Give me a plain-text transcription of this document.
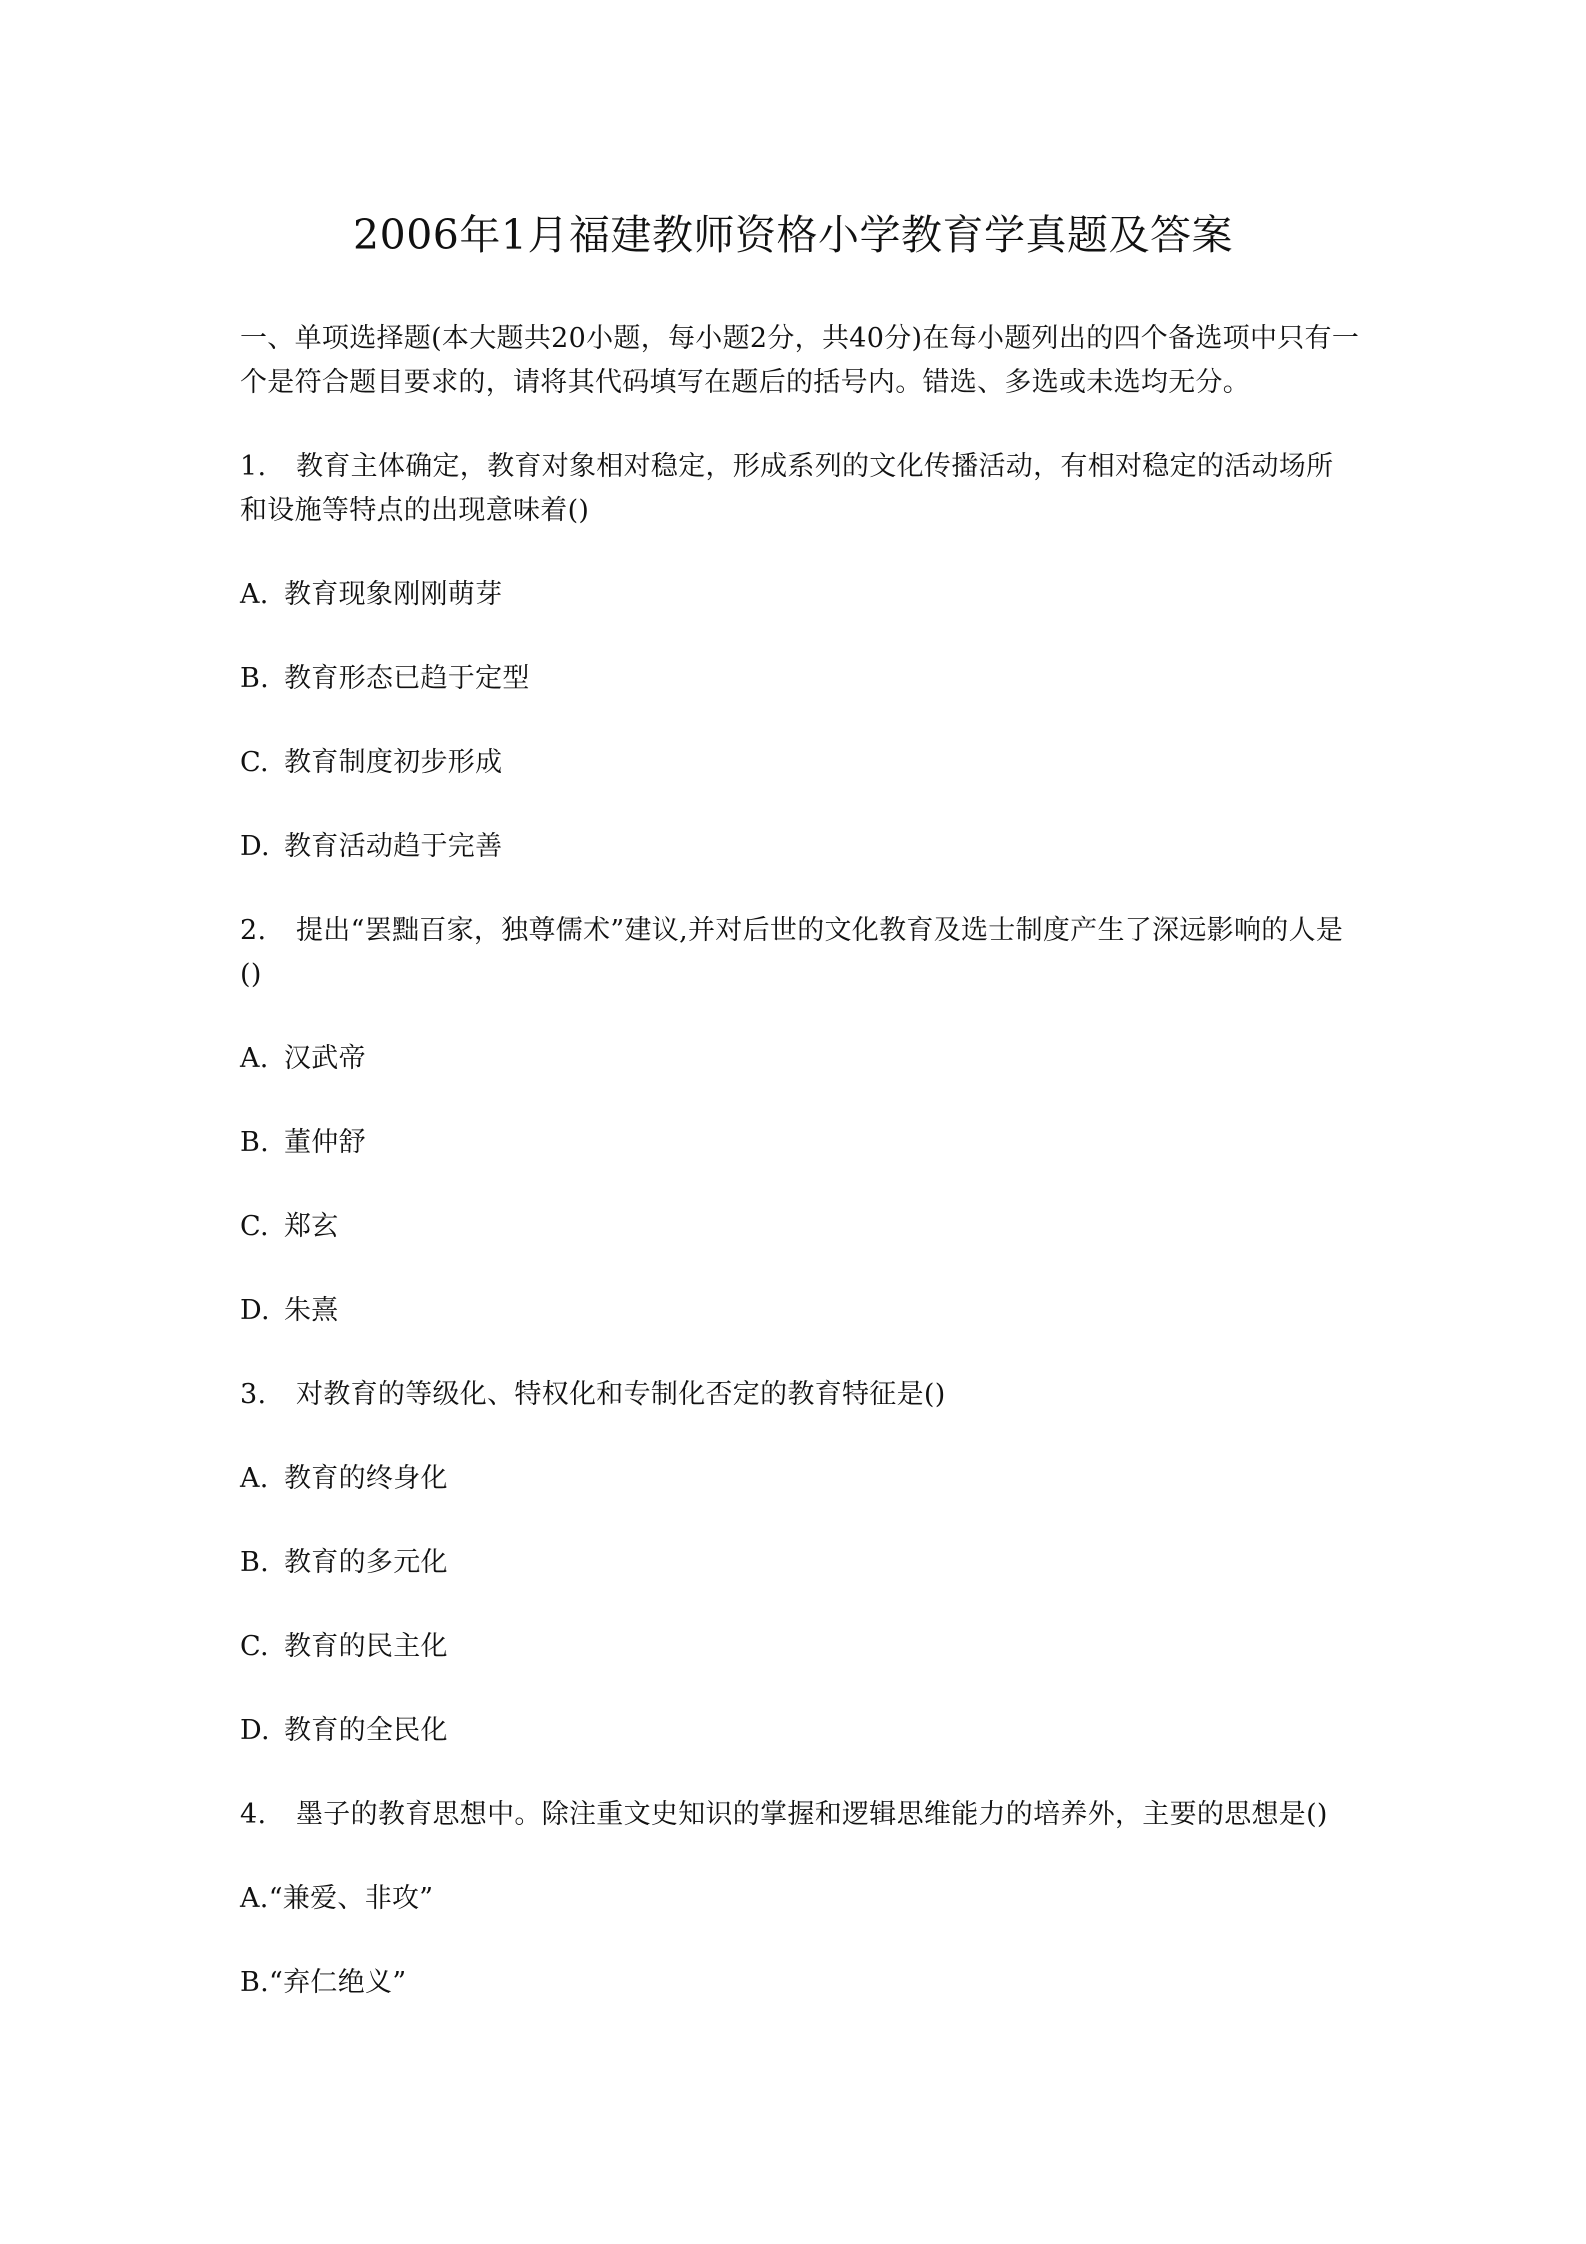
2006年1月福建教师资格小学教育学真题及答案

一、单项选择题(本大题共20小题，每小题2分，共40分)在每小题列出的四个备选项中只有一个是符合题目要求的，请将其代码填写在题后的括号内。错选、多选或未选均无分。

1. 教育主体确定，教育对象相对稳定，形成系列的文化传播活动，有相对稳定的活动场所和设施等特点的出现意味着()

A. 教育现象刚刚萌芽

B. 教育形态已趋于定型

C. 教育制度初步形成

D. 教育活动趋于完善

2. 提出“罢黜百家，独尊儒术”建议,并对后世的文化教育及选士制度产生了深远影响的人是()

A. 汉武帝

B. 董仲舒

C. 郑玄

D. 朱熹

3. 对教育的等级化、特权化和专制化否定的教育特征是()

A. 教育的终身化

B. 教育的多元化

C. 教育的民主化

D. 教育的全民化

4. 墨子的教育思想中。除注重文史知识的掌握和逻辑思维能力的培养外，主要的思想是()

A.“兼爱、非攻”

B.“弃仁绝义”
